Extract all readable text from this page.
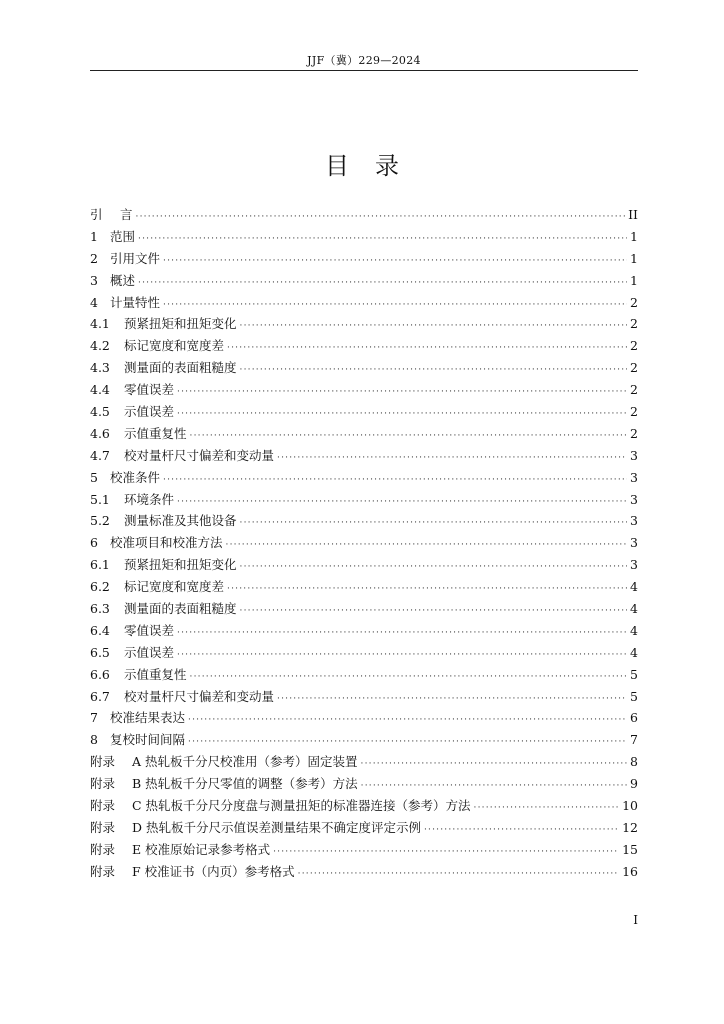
JJF（冀）229—2024
目录
引	言 ·····	II
1 范围 ·····	1
2 引用文件 ·····	1
3 概述 ·····	1
4 计量特性 ·····	2
4.1	预紧扭矩和扭矩变化 ·····	2
4.2	标记宽度和宽度差 ·····	2
4.3	测量面的表面粗糙度 ·····	2
4.4	零值误差 ·····	2
4.5	示值误差 ·····	2
4.6	示值重复性 ·····	2
4.7	校对量杆尺寸偏差和变动量 ·····	3
5 校准条件 ·····	3
5.1	环境条件 ·····	3
5.2	测量标准及其他设备 ·····	3
6 校准项目和校准方法 ·····	3
6.1	预紧扭矩和扭矩变化 ·····	3
6.2	标记宽度和宽度差 ·····	4
6.3	测量面的表面粗糙度 ·····	4
6.4	零值误差 ·····	4
6.5	示值误差 ·····	4
6.6	示值重复性 ·····	5
6.7	校对量杆尺寸偏差和变动量 ·····	5
7 校准结果表达 ·····	6
8 复校时间间隔 ·····	7
附录	A 热轧板千分尺校准用（参考）固定装置 ·····	8
附录	B 热轧板千分尺零值的调整（参考）方法 ·····	9
附录	C 热轧板千分尺分度盘与测量扭矩的标准器连接（参考）方法 ·····	10
附录	D 热轧板千分尺示值误差测量结果不确定度评定示例 ·····	12
附录	E 校准原始记录参考格式 ·····	15
附录	F 校准证书（内页）参考格式 ·····	16
I
